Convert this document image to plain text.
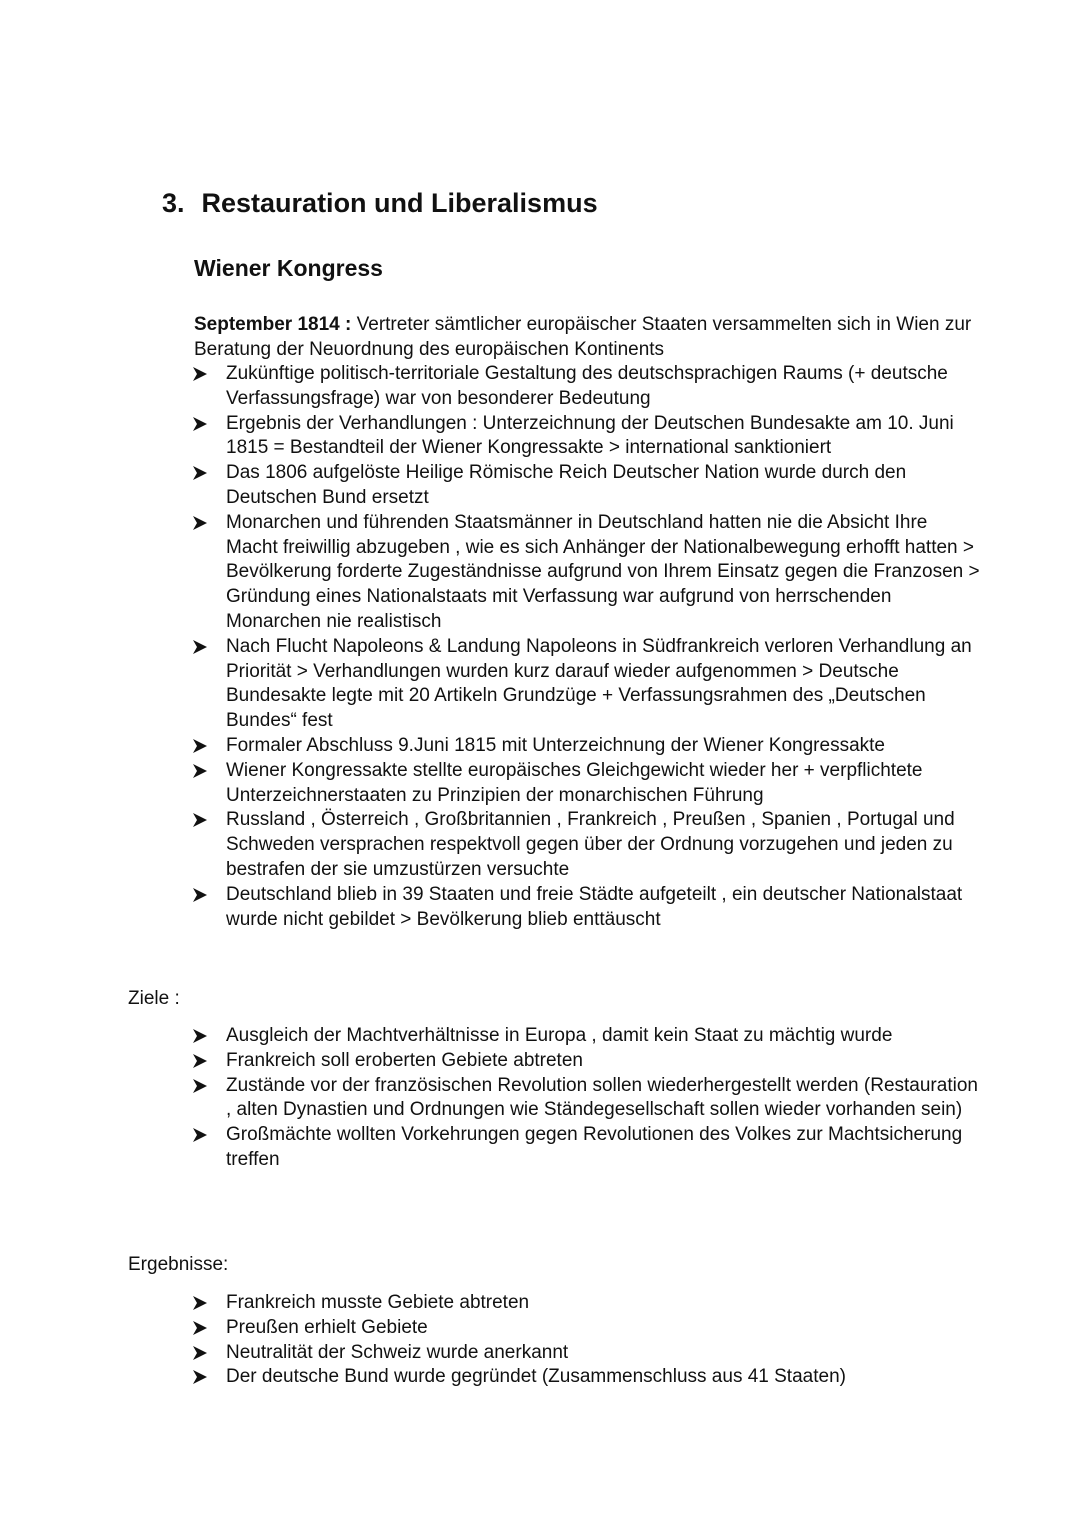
3. Restauration und Liberalismus
Wiener Kongress

September 1814 : Vertreter sämtlicher europäischer Staaten versammelten sich in Wien zur Beratung der Neuordnung des europäischen Kontinents

Zukünftige politisch-territoriale Gestaltung des deutschsprachigen Raums (+ deutsche Verfassungsfrage) war von besonderer Bedeutung
Ergebnis der Verhandlungen : Unterzeichnung der Deutschen Bundesakte am 10. Juni 1815 = Bestandteil der Wiener Kongressakte > international sanktioniert
Das 1806 aufgelöste Heilige Römische Reich Deutscher Nation wurde durch den Deutschen Bund ersetzt
Monarchen und führenden Staatsmänner in Deutschland hatten nie die Absicht Ihre Macht freiwillig abzugeben , wie es sich Anhänger der Nationalbewegung erhofft hatten > Bevölkerung forderte Zugeständnisse aufgrund von Ihrem Einsatz gegen die Franzosen > Gründung eines Nationalstaats mit Verfassung war aufgrund von herrschenden Monarchen nie realistisch
Nach Flucht Napoleons & Landung Napoleons in Südfrankreich verloren Verhandlung an Priorität > Verhandlungen wurden kurz darauf wieder aufgenommen > Deutsche Bundesakte legte mit 20 Artikeln Grundzüge + Verfassungsrahmen des „Deutschen Bundes“ fest
Formaler Abschluss 9.Juni 1815 mit Unterzeichnung der Wiener Kongressakte
Wiener Kongressakte stellte europäisches Gleichgewicht wieder her + verpflichtete Unterzeichnerstaaten zu Prinzipien der monarchischen Führung
Russland , Österreich , Großbritannien , Frankreich , Preußen , Spanien , Portugal und Schweden versprachen respektvoll gegen über der Ordnung vorzugehen und jeden zu bestrafen der sie umzustürzen versuchte
Deutschland blieb in 39 Staaten und freie Städte aufgeteilt , ein deutscher Nationalstaat wurde nicht gebildet > Bevölkerung blieb enttäuscht
Ziele :
Ausgleich der Machtverhältnisse in Europa , damit kein Staat zu mächtig wurde
Frankreich soll eroberten Gebiete abtreten
Zustände vor der französischen Revolution sollen wiederhergestellt werden (Restauration , alten Dynastien und Ordnungen wie Ständegesellschaft sollen wieder vorhanden sein)
Großmächte wollten Vorkehrungen gegen Revolutionen des Volkes zur Machtsicherung treffen
Ergebnisse:
Frankreich musste Gebiete abtreten
Preußen erhielt Gebiete
Neutralität der Schweiz wurde anerkannt
Der deutsche Bund wurde gegründet (Zusammenschluss aus 41 Staaten)
